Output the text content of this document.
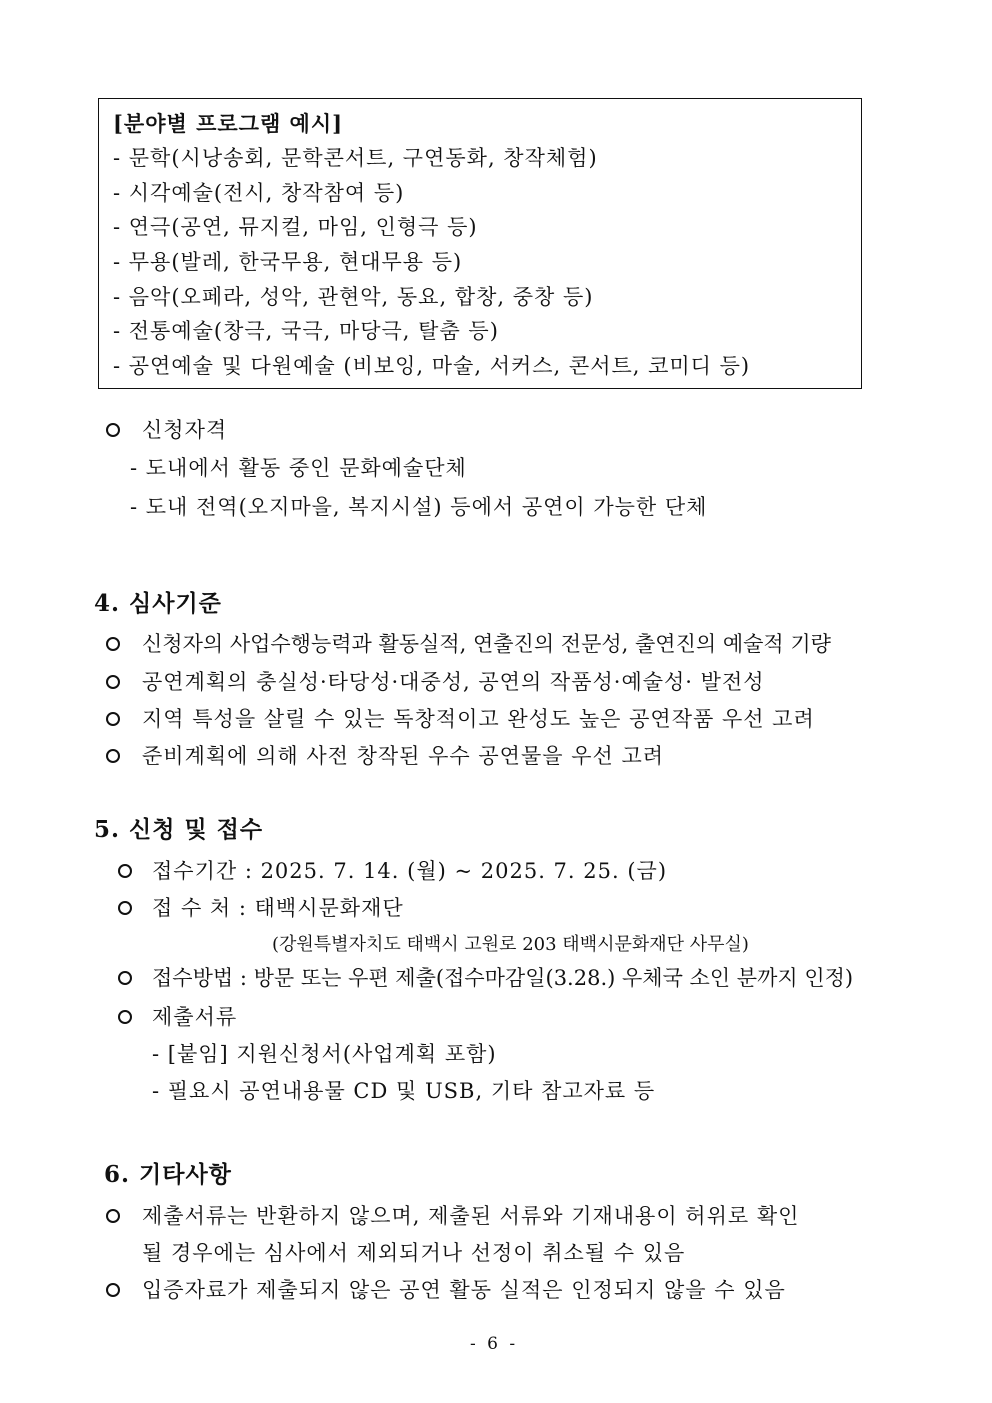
[분야별 프로그램 예시]
- 문학(시낭송회, 문학콘서트, 구연동화, 창작체험)
- 시각예술(전시, 창작참여 등)
- 연극(공연, 뮤지컬, 마임, 인형극 등)
- 무용(발레, 한국무용, 현대무용 등)
- 음악(오페라, 성악, 관현악, 동요, 합창, 중창 등)
- 전통예술(창극, 국극, 마당극, 탈춤 등)
- 공연예술 및 다원예술 (비보잉, 마술, 서커스, 콘서트, 코미디 등)
신청자격
- 도내에서 활동 중인 문화예술단체
- 도내 전역(오지마을, 복지시설) 등에서 공연이 가능한 단체
4. 심사기준
신청자의 사업수행능력과 활동실적, 연출진의 전문성, 출연진의 예술적 기량
공연계획의 충실성·타당성·대중성, 공연의 작품성·예술성· 발전성
지역 특성을 살릴 수 있는 독창적이고 완성도 높은 공연작품 우선 고려
준비계획에 의해 사전 창작된 우수 공연물을 우선 고려
5. 신청 및 접수
접수기간 : 2025. 7. 14. (월) ~ 2025. 7. 25. (금)
접 수 처 : 태백시문화재단
(강원특별자치도 태백시 고원로 203 태백시문화재단 사무실)
접수방법 : 방문 또는 우편 제출(접수마감일(3.28.) 우체국 소인 분까지 인정)
제출서류
- [붙임] 지원신청서(사업계획 포함)
- 필요시 공연내용물 CD 및 USB, 기타 참고자료 등
6. 기타사항
제출서류는 반환하지 않으며, 제출된 서류와 기재내용이 허위로 확인
될 경우에는 심사에서 제외되거나 선정이 취소될 수 있음
입증자료가 제출되지 않은 공연 활동 실적은 인정되지 않을 수 있음
- 6 -
